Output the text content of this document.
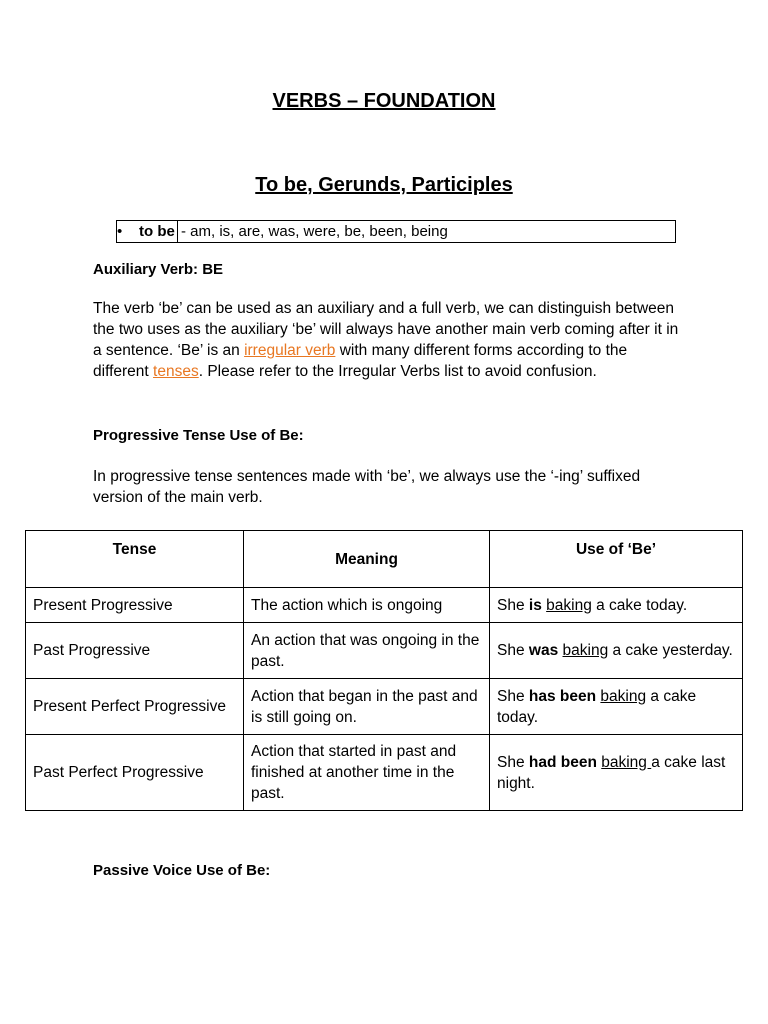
VERBS – FOUNDATION
To be, Gerunds, Participles
• to be - am, is, are, was, were, be, been, being
Auxiliary Verb: BE
The verb ‘be’ can be used as an auxiliary and a full verb, we can distinguish between the two uses as the auxiliary ‘be’ will always have another main verb coming after it in a sentence. ‘Be’ is an irregular verb with many different forms according to the different tenses. Please refer to the Irregular Verbs list to avoid confusion.
Progressive Tense Use of Be:
In progressive tense sentences made with ‘be’, we always use the ‘-ing’ suffixed version of the main verb.
Tense	Meaning	Use of ‘Be’
Present Progressive	The action which is ongoing	She is baking a cake today.
Past Progressive	An action that was ongoing in the past.	She was baking a cake yesterday.
Present Perfect Progressive	Action that began in the past and is still going on.	She has been baking a cake today.
Past Perfect Progressive	Action that started in past and finished at another time in the past.	She had been baking a cake last night.
Passive Voice Use of Be:
